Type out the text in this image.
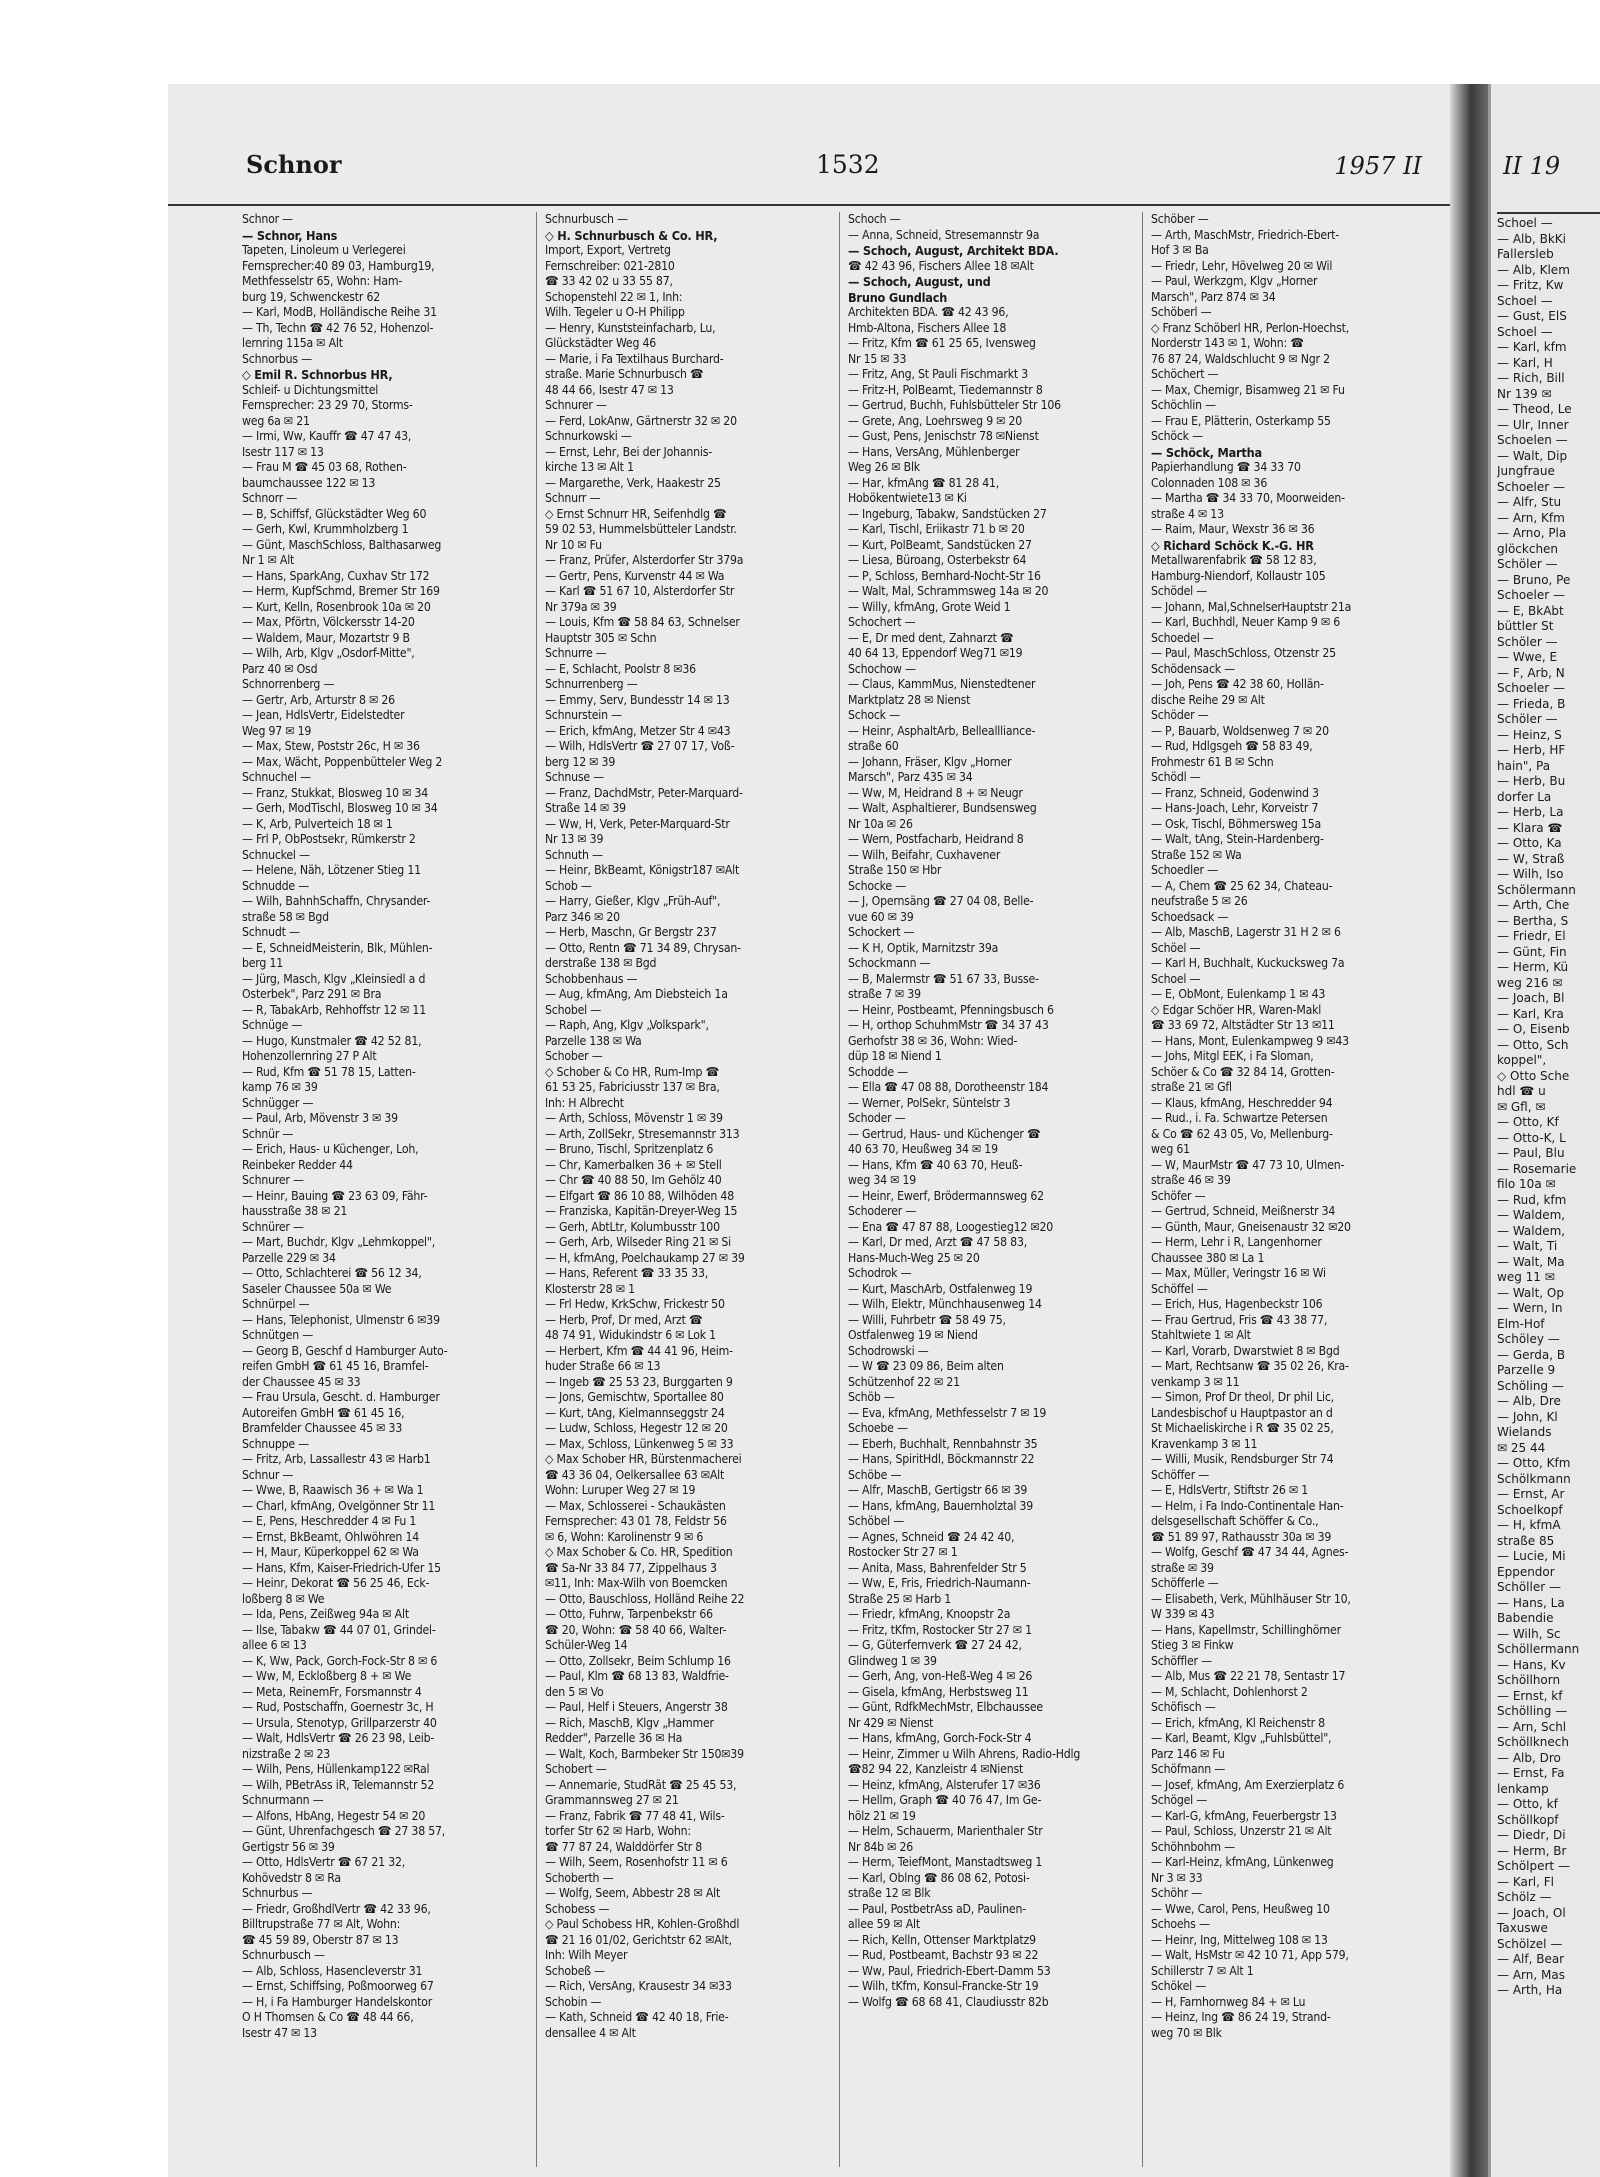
Schnor	1532	1957 II
Schnor —
— Schnor, Hans
Tapeten, Linoleum u Verlegerei
Fernsprecher:40 89 03, Hamburg19,
Methfesselstr 65, Wohn: Ham-
burg 19, Schwenckestr 62
— Karl, ModB, Holländische Reihe 31
— Th, Techn ☎ 42 76 52, Hohenzol-
lernring 115a ✉ Alt
Schnorbus —
◇ Emil R. Schnorbus HR,
Schleif- u Dichtungsmittel
Fernsprecher: 23 29 70, Storms-
weg 6a ✉ 21
— Irmi, Ww, Kauffr ☎ 47 47 43,
Isestr 117 ✉ 13
— Frau M ☎ 45 03 68, Rothen-
baumchaussee 122 ✉ 13
Schnorr —
— B, Schiffsf, Glückstädter Weg 60
— Gerh, Kwl, Krummholzberg 1
— Günt, MaschSchloss, Balthasarweg
Nr 1 ✉ Alt
— Hans, SparkAng, Cuxhav Str 172
— Herm, KupfSchmd, Bremer Str 169
— Kurt, Kelln, Rosenbrook 10a ✉ 20
— Max, Pförtn, Völckersstr 14-20
— Waldem, Maur, Mozartstr 9 B
— Wilh, Arb, Klgv „Osdorf-Mitte",
Parz 40 ✉ Osd
Schnorrenberg —
— Gertr, Arb, Arturstr 8 ✉ 26
— Jean, HdlsVertr, Eidelstedter
Weg 97 ✉ 19
— Max, Stew, Poststr 26c, H ✉ 36
— Max, Wächt, Poppenbütteler Weg 2
Schnuchel —
— Franz, Stukkat, Blosweg 10 ✉ 34
— Gerh, ModTischl, Blosweg 10 ✉ 34
— K, Arb, Pulverteich 18 ✉ 1
— Frl P, ObPostsekr, Rümkerstr 2
Schnuckel —
— Helene, Näh, Lötzener Stieg 11
Schnudde —
— Wilh, BahnhSchaffn, Chrysander-
straße 58 ✉ Bgd
Schnudt —
— E, SchneidMeisterin, Blk, Mühlen-
berg 11
— Jürg, Masch, Klgv „Kleinsiedl a d
Osterbek", Parz 291 ✉ Bra
— R, TabakArb, Rehhoffstr 12 ✉ 11
Schnüge —
— Hugo, Kunstmaler ☎ 42 52 81,
Hohenzollernring 27 P Alt
— Rud, Kfm ☎ 51 78 15, Latten-
kamp 76 ✉ 39
Schnügger —
— Paul, Arb, Mövenstr 3 ✉ 39
Schnür —
— Erich, Haus- u Küchenger, Loh,
Reinbeker Redder 44
Schnurer —
— Heinr, Bauing ☎ 23 63 09, Fähr-
hausstraße 38 ✉ 21
Schnürer —
— Mart, Buchdr, Klgv „Lehmkoppel",
Parzelle 229 ✉ 34
— Otto, Schlachterei ☎ 56 12 34,
Saseler Chaussee 50a ✉ We
Schnürpel —
— Hans, Telephonist, Ulmenstr 6 ✉39
Schnütgen —
— Georg B, Geschf d Hamburger Auto-
reifen GmbH ☎ 61 45 16, Bramfel-
der Chaussee 45 ✉ 33
— Frau Ursula, Gescht. d. Hamburger
Autoreifen GmbH ☎ 61 45 16,
Bramfelder Chaussee 45 ✉ 33
Schnuppe —
— Fritz, Arb, Lassallestr 43 ✉ Harb1
Schnur —
— Wwe, B, Raawisch 36 + ✉ Wa 1
— Charl, kfmAng, Ovelgönner Str 11
— E, Pens, Heschredder 4 ✉ Fu 1
— Ernst, BkBeamt, Ohlwöhren 14
— H, Maur, Küperkoppel 62 ✉ Wa
— Hans, Kfm, Kaiser-Friedrich-Ufer 15
— Heinr, Dekorat ☎ 56 25 46, Eck-
loßberg 8 ✉ We
— Ida, Pens, Zeißweg 94a ✉ Alt
— Ilse, Tabakw ☎ 44 07 01, Grindel-
allee 6 ✉ 13
— K, Ww, Pack, Gorch-Fock-Str 8 ✉ 6
— Ww, M, Eckloßberg 8 + ✉ We
— Meta, ReinemFr, Forsmannstr 4
— Rud, Postschaffn, Goernestr 3c, H
— Ursula, Stenotyp, Grillparzerstr 40
— Walt, HdlsVertr ☎ 26 23 98, Leib-
nizstraße 2 ✉ 23
— Wilh, Pens, Hüllenkamp122 ✉Ral
— Wilh, PBetrAss iR, Telemannstr 52
Schnurmann —
— Alfons, HbAng, Hegestr 54 ✉ 20
— Günt, Uhrenfachgesch ☎ 27 38 57,
Gertigstr 56 ✉ 39
— Otto, HdlsVertr ☎ 67 21 32,
Kohövedstr 8 ✉ Ra
Schnurbus —
— Friedr, GroßhdlVertr ☎ 42 33 96,
Billtrupstraße 77 ✉ Alt, Wohn:
☎ 45 59 89, Oberstr 87 ✉ 13
Schnurbusch —
— Alb, Schloss, Hasencleverstr 31
— Ernst, Schiffsing, Poßmoorweg 67
— H, i Fa Hamburger Handelskontor
O H Thomsen & Co ☎ 48 44 66,
Isestr 47 ✉ 13
Schnurbusch —
◇ H. Schnurbusch & Co. HR,
Import, Export, Vertretg
Fernschreiber: 021-2810
☎ 33 42 02 u 33 55 87,
Schopenstehl 22 ✉ 1, Inh:
Wilh. Tegeler u O-H Philipp
— Henry, Kunststeinfacharb, Lu,
Glückstädter Weg 46
— Marie, i Fa Textilhaus Burchard-
straße. Marie Schnurbusch ☎
48 44 66, Isestr 47 ✉ 13
Schnurer —
— Ferd, LokAnw, Gärtnerstr 32 ✉ 20
Schnurkowski —
— Ernst, Lehr, Bei der Johannis-
kirche 13 ✉ Alt 1
— Margarethe, Verk, Haakestr 25
Schnurr —
◇ Ernst Schnurr HR, Seifenhdlg ☎
59 02 53, Hummelsbütteler Landstr.
Nr 10 ✉ Fu
— Franz, Prüfer, Alsterdorfer Str 379a
— Gertr, Pens, Kurvenstr 44 ✉ Wa
— Karl ☎ 51 67 10, Alsterdorfer Str
Nr 379a ✉ 39
— Louis, Kfm ☎ 58 84 63, Schnelser
Hauptstr 305 ✉ Schn
Schnurre —
— E, Schlacht, Poolstr 8 ✉36
Schnurrenberg —
— Emmy, Serv, Bundesstr 14 ✉ 13
Schnurstein —
— Erich, kfmAng, Metzer Str 4 ✉43
— Wilh, HdlsVertr ☎ 27 07 17, Voß-
berg 12 ✉ 39
Schnuse —
— Franz, DachdMstr, Peter-Marquard-
Straße 14 ✉ 39
— Ww, H, Verk, Peter-Marquard-Str
Nr 13 ✉ 39
Schnuth —
— Heinr, BkBeamt, Königstr187 ✉Alt
Schob —
— Harry, Gießer, Klgv „Früh-Auf",
Parz 346 ✉ 20
— Herb, Maschn, Gr Bergstr 237
— Otto, Rentn ☎ 71 34 89, Chrysan-
derstraße 138 ✉ Bgd
Schobbenhaus —
— Aug, kfmAng, Am Diebsteich 1a
Schobel —
— Raph, Ang, Klgv „Volkspark",
Parzelle 138 ✉ Wa
Schober —
◇ Schober & Co HR, Rum-Imp ☎
61 53 25, Fabriciusstr 137 ✉ Bra,
Inh: H Albrecht
— Arth, Schloss, Mövenstr 1 ✉ 39
— Arth, ZollSekr, Stresemannstr 313
— Bruno, Tischl, Spritzenplatz 6
— Chr, Kamerbalken 36 + ✉ Stell
— Chr ☎ 40 88 50, Im Gehölz 40
— Elfgart ☎ 86 10 88, Wilhöden 48
— Franziska, Kapitän-Dreyer-Weg 15
— Gerh, AbtLtr, Kolumbusstr 100
— Gerh, Arb, Wilseder Ring 21 ✉ Si
— H, kfmAng, Poelchaukamp 27 ✉ 39
— Hans, Referent ☎ 33 35 33,
Klosterstr 28 ✉ 1
— Frl Hedw, KrkSchw, Frickestr 50
— Herb, Prof, Dr med, Arzt ☎
48 74 91, Widukindstr 6 ✉ Lok 1
— Herbert, Kfm ☎ 44 41 96, Heim-
huder Straße 66 ✉ 13
— Ingeb ☎ 25 53 23, Burggarten 9
— Jons, Gemischtw, Sportallee 80
— Kurt, tAng, Kielmannseggstr 24
— Ludw, Schloss, Hegestr 12 ✉ 20
— Max, Schloss, Lünkenweg 5 ✉ 33
◇ Max Schober HR, Bürstenmacherei
☎ 43 36 04, Oelkersallee 63 ✉Alt
Wohn: Luruper Weg 27 ✉ 19
— Max, Schlosserei - Schaukästen
Fernsprecher: 43 01 78, Feldstr 56
✉ 6, Wohn: Karolinenstr 9 ✉ 6
◇ Max Schober & Co. HR, Spedition
☎ Sa-Nr 33 84 77, Zippelhaus 3
✉11, Inh: Max-Wilh von Boemcken
— Otto, Bauschloss, Holländ Reihe 22
— Otto, Fuhrw, Tarpenbekstr 66
☎ 20, Wohn: ☎ 58 40 66, Walter-
Schüler-Weg 14
— Otto, Zollsekr, Beim Schlump 16
— Paul, Klm ☎ 68 13 83, Waldfrie-
den 5 ✉ Vo
— Paul, Helf i Steuers, Angerstr 38
— Rich, MaschB, Klgv „Hammer
Redder", Parzelle 36 ✉ Ha
— Walt, Koch, Barmbeker Str 150✉39
Schobert —
— Annemarie, StudRät ☎ 25 45 53,
Grammannsweg 27 ✉ 21
— Franz, Fabrik ☎ 77 48 41, Wils-
torfer Str 62 ✉ Harb, Wohn:
☎ 77 87 24, Walddörfer Str 8
— Wilh, Seem, Rosenhofstr 11 ✉ 6
Schoberth —
— Wolfg, Seem, Abbestr 28 ✉ Alt
Schobess —
◇ Paul Schobess HR, Kohlen-Großhdl
☎ 21 16 01/02, Gerichtstr 62 ✉Alt,
Inh: Wilh Meyer
Schobeß —
— Rich, VersAng, Krausestr 34 ✉33
Schobin —
— Kath, Schneid ☎ 42 40 18, Frie-
densallee 4 ✉ Alt
Schoch —
— Anna, Schneid, Stresemannstr 9a
— Schoch, August, Architekt BDA.
☎ 42 43 96, Fischers Allee 18 ✉Alt
— Schoch, August, und
Bruno Gundlach
Architekten BDA. ☎ 42 43 96,
Hmb-Altona, Fischers Allee 18
— Fritz, Kfm ☎ 61 25 65, Ivensweg
Nr 15 ✉ 33
— Fritz, Ang, St Pauli Fischmarkt 3
— Fritz-H, PolBeamt, Tiedemannstr 8
— Gertrud, Buchh, Fuhlsbütteler Str 106
— Grete, Ang, Loehrsweg 9 ✉ 20
— Gust, Pens, Jenischstr 78 ✉Nienst
— Hans, VersAng, Mühlenberger
Weg 26 ✉ Blk
— Har, kfmAng ☎ 81 28 41,
Hobökentwiete13 ✉ Ki
— Ingeburg, Tabakw, Sandstücken 27
— Karl, Tischl, Eriikastr 71 b ✉ 20
— Kurt, PolBeamt, Sandstücken 27
— Liesa, Büroang, Osterbekstr 64
— P, Schloss, Bernhard-Nocht-Str 16
— Walt, Mal, Schrammsweg 14a ✉ 20
— Willy, kfmAng, Grote Weid 1
Schochert —
— E, Dr med dent, Zahnarzt ☎
40 64 13, Eppendorf Weg71 ✉19
Schochow —
— Claus, KammMus, Nienstedtener
Marktplatz 28 ✉ Nienst
Schock —
— Heinr, AsphaltArb, Belleallliance-
straße 60
— Johann, Fräser, Klgv „Horner
Marsch", Parz 435 ✉ 34
— Ww, M, Heidrand 8 + ✉ Neugr
— Walt, Asphaltierer, Bundsensweg
Nr 10a ✉ 26
— Wern, Postfacharb, Heidrand 8
— Wilh, Beifahr, Cuxhavener
Straße 150 ✉ Hbr
Schocke —
— J, Opernsäng ☎ 27 04 08, Belle-
vue 60 ✉ 39
Schockert —
— K H, Optik, Marnitzstr 39a
Schockmann —
— B, Malermstr ☎ 51 67 33, Busse-
straße 7 ✉ 39
— Heinr, Postbeamt, Pfenningsbusch 6
— H, orthop SchuhmMstr ☎ 34 37 43
Gerhofstr 38 ✉ 36, Wohn: Wied-
düp 18 ✉ Niend 1
Schodde —
— Ella ☎ 47 08 88, Dorotheenstr 184
— Werner, PolSekr, Süntelstr 3
Schoder —
— Gertrud, Haus- und Küchenger ☎
40 63 70, Heußweg 34 ✉ 19
— Hans, Kfm ☎ 40 63 70, Heuß-
weg 34 ✉ 19
— Heinr, Ewerf, Brödermannsweg 62
Schoderer —
— Ena ☎ 47 87 88, Loogestieg12 ✉20
— Karl, Dr med, Arzt ☎ 47 58 83,
Hans-Much-Weg 25 ✉ 20
Schodrok —
— Kurt, MaschArb, Ostfalenweg 19
— Wilh, Elektr, Münchhausenweg 14
— Willi, Fuhrbetr ☎ 58 49 75,
Ostfalenweg 19 ✉ Niend
Schodrowski —
— W ☎ 23 09 86, Beim alten
Schützenhof 22 ✉ 21
Schöb —
— Eva, kfmAng, Methfesselstr 7 ✉ 19
Schoebe —
— Eberh, Buchhalt, Rennbahnstr 35
— Hans, SpiritHdl, Böckmannstr 22
Schöbe —
— Alfr, MaschB, Gertigstr 66 ✉ 39
— Hans, kfmAng, Bauernholztal 39
Schöbel —
— Agnes, Schneid ☎ 24 42 40,
Rostocker Str 27 ✉ 1
— Anita, Mass, Bahrenfelder Str 5
— Ww, E, Fris, Friedrich-Naumann-
Straße 25 ✉ Harb 1
— Friedr, kfmAng, Knoopstr 2a
— Fritz, tKfm, Rostocker Str 27 ✉ 1
— G, Güterfernverk ☎ 27 24 42,
Glindweg 1 ✉ 39
— Gerh, Ang, von-Heß-Weg 4 ✉ 26
— Gisela, kfmAng, Herbstsweg 11
— Günt, RdfkMechMstr, Elbchaussee
Nr 429 ✉ Nienst
— Hans, kfmAng, Gorch-Fock-Str 4
— Heinr, Zimmer u Wilh Ahrens, Radio-Hdlg
☎82 94 22, Kanzleistr 4 ✉Nienst
— Heinz, kfmAng, Alsterufer 17 ✉36
— Hellm, Graph ☎ 40 76 47, Im Ge-
hölz 21 ✉ 19
— Helm, Schauerm, Marienthaler Str
Nr 84b ✉ 26
— Herm, TeiefMont, Manstadtsweg 1
— Karl, Oblng ☎ 86 08 62, Potosi-
straße 12 ✉ Blk
— Paul, PostbetrAss aD, Paulinen-
allee 59 ✉ Alt
— Rich, Kelln, Ottenser Marktplatz9
— Rud, Postbeamt, Bachstr 93 ✉ 22
— Ww, Paul, Friedrich-Ebert-Damm 53
— Wilh, tKfm, Konsul-Francke-Str 19
— Wolfg ☎ 68 68 41, Claudiusstr 82b
Schöber —
— Arth, MaschMstr, Friedrich-Ebert-
Hof 3 ✉ Ba
— Friedr, Lehr, Hövelweg 20 ✉ Wil
— Paul, Werkzgm, Klgv „Horner
Marsch", Parz 874 ✉ 34
Schöberl —
◇ Franz Schöberl HR, Perlon-Hoechst,
Norderstr 143 ✉ 1, Wohn: ☎
76 87 24, Waldschlucht 9 ✉ Ngr 2
Schöchert —
— Max, Chemigr, Bisamweg 21 ✉ Fu
Schöchlin —
— Frau E, Plätterin, Osterkamp 55
Schöck —
— Schöck, Martha
Papierhandlung ☎ 34 33 70
Colonnaden 108 ✉ 36
— Martha ☎ 34 33 70, Moorweiden-
straße 4 ✉ 13
— Raim, Maur, Wexstr 36 ✉ 36
◇ Richard Schöck K.-G. HR
Metallwarenfabrik ☎ 58 12 83,
Hamburg-Niendorf, Kollaustr 105
Schödel —
— Johann, Mal,SchnelserHauptstr 21a
— Karl, Buchhdl, Neuer Kamp 9 ✉ 6
Schoedel —
— Paul, MaschSchloss, Otzenstr 25
Schödensack —
— Joh, Pens ☎ 42 38 60, Hollän-
dische Reihe 29 ✉ Alt
Schöder —
— P, Bauarb, Woldsenweg 7 ✉ 20
— Rud, Hdlgsgeh ☎ 58 83 49,
Frohmestr 61 B ✉ Schn
Schödl —
— Franz, Schneid, Godenwind 3
— Hans-Joach, Lehr, Korveistr 7
— Osk, Tischl, Böhmersweg 15a
— Walt, tAng, Stein-Hardenberg-
Straße 152 ✉ Wa
Schoedler —
— A, Chem ☎ 25 62 34, Chateau-
neufstraße 5 ✉ 26
Schoedsack —
— Alb, MaschB, Lagerstr 31 H 2 ✉ 6
Schöel —
— Karl H, Buchhalt, Kuckucksweg 7a
Schoel —
— E, ObMont, Eulenkamp 1 ✉ 43
◇ Edgar Schöer HR, Waren-Makl
☎ 33 69 72, Altstädter Str 13 ✉11
— Hans, Mont, Eulenkampweg 9 ✉43
— Johs, Mitgl EEK, i Fa Sloman,
Schöer & Co ☎ 32 84 14, Grotten-
straße 21 ✉ Gfl
— Klaus, kfmAng, Heschredder 94
— Rud., i. Fa. Schwartze Petersen
& Co ☎ 62 43 05, Vo, Mellenburg-
weg 61
— W, MaurMstr ☎ 47 73 10, Ulmen-
straße 46 ✉ 39
Schöfer —
— Gertrud, Schneid, Meißnerstr 34
— Günth, Maur, Gneisenaustr 32 ✉20
— Herm, Lehr i R, Langenhorner
Chaussee 380 ✉ La 1
— Max, Müller, Veringstr 16 ✉ Wi
Schöffel —
— Erich, Hus, Hagenbeckstr 106
— Frau Gertrud, Fris ☎ 43 38 77,
Stahltwiete 1 ✉ Alt
— Karl, Vorarb, Dwarstwiet 8 ✉ Bgd
— Mart, Rechtsanw ☎ 35 02 26, Kra-
venkamp 3 ✉ 11
— Simon, Prof Dr theol, Dr phil Lic,
Landesbischof u Hauptpastor an d
St Michaeliskirche i R ☎ 35 02 25,
Kravenkamp 3 ✉ 11
— Willi, Musik, Rendsburger Str 74
Schöffer —
— E, HdlsVertr, Stiftstr 26 ✉ 1
— Helm, i Fa Indo-Continentale Han-
delsgesellschaft Schöffer & Co.,
☎ 51 89 97, Rathausstr 30a ✉ 39
— Wolfg, Geschf ☎ 47 34 44, Agnes-
straße ✉ 39
Schöfferle —
— Elisabeth, Verk, Mühlhäuser Str 10,
W 339 ✉ 43
— Hans, Kapellmstr, Schillinghörner
Stieg 3 ✉ Finkw
Schöffler —
— Alb, Mus ☎ 22 21 78, Sentastr 17
— M, Schlacht, Dohlenhorst 2
Schöfisch —
— Erich, kfmAng, Kl Reichenstr 8
— Karl, Beamt, Klgv „Fuhlsbüttel",
Parz 146 ✉ Fu
Schöfmann —
— Josef, kfmAng, Am Exerzierplatz 6
Schögel —
— Karl-G, kfmAng, Feuerbergstr 13
— Paul, Schloss, Unzerstr 21 ✉ Alt
Schöhnbohm —
— Karl-Heinz, kfmAng, Lünkenweg
Nr 3 ✉ 33
Schöhr —
— Wwe, Carol, Pens, Heußweg 10
Schoehs —
— Heinr, Ing, Mittelweg 108 ✉ 13
— Walt, HsMstr ✉ 42 10 71, App 579,
Schillerstr 7 ✉ Alt 1
Schökel —
— H, Farnhornweg 84 + ✉ Lu
— Heinz, Ing ☎ 86 24 19, Strand-
weg 70 ✉ Blk
II 19
Schoel —
— Alb, BkKi
Fallersleb
— Alb, Klem
— Fritz, Kw
Schoel —
— Gust, ElS
Schoel —
— Karl, kfm
— Karl, H
— Rich, Bill
Nr 139 ✉
— Theod, Le
— Ulr, Inner
Schoelen —
— Walt, Dip
Jungfraue
Schoeler —
— Alfr, Stu
— Arn, Kfm
— Arno, Pla
glöckchen
Schöler —
— Bruno, Pe
Schoeler —
— E, BkAbt
büttler St
Schöler —
— Wwe, E
— F, Arb, N
Schoeler —
— Frieda, B
Schöler —
— Heinz, S
— Herb, HF
hain", Pa
— Herb, Bu
dorfer La
— Herb, La
— Klara ☎
— Otto, Ka
— W, Straß
— Wilh, Iso
Schölermann
— Arth, Che
— Bertha, S
— Friedr, El
— Günt, Fin
— Herm, Kü
weg 216 ✉
— Joach, Bl
— Karl, Kra
— O, Eisenb
— Otto, Sch
koppel",
◇ Otto Sche
hdl ☎ u
✉ Gfl, ✉
— Otto, Kf
— Otto-K, L
— Paul, Blu
— Rosemarie
filo 10a ✉
— Rud, kfm
— Waldem,
— Waldem,
— Walt, Ti
— Walt, Ma
weg 11 ✉
— Walt, Op
— Wern, In
Elm-Hof
Schöley —
— Gerda, B
Parzelle 9
Schöling —
— Alb, Dre
— John, Kl
Wielands
✉ 25 44
— Otto, Kfm
Schölkmann
— Ernst, Ar
Schoelkopf
— H, kfmA
straße 85
— Lucie, Mi
Eppendor
Schöller —
— Hans, La
Babendie
— Wilh, Sc
Schöllermann
— Hans, Kv
Schöllhorn
— Ernst, kf
Schölling —
— Arn, Schl
Schöllknech
— Alb, Dro
— Ernst, Fa
lenkamp
— Otto, kf
Schöllkopf
— Diedr, Di
— Herm, Br
Schölpert —
— Karl, Fl
Schölz —
— Joach, Ol
Taxuswe
Schölzel —
— Alf, Bear
— Arn, Mas
— Arth, Ha
